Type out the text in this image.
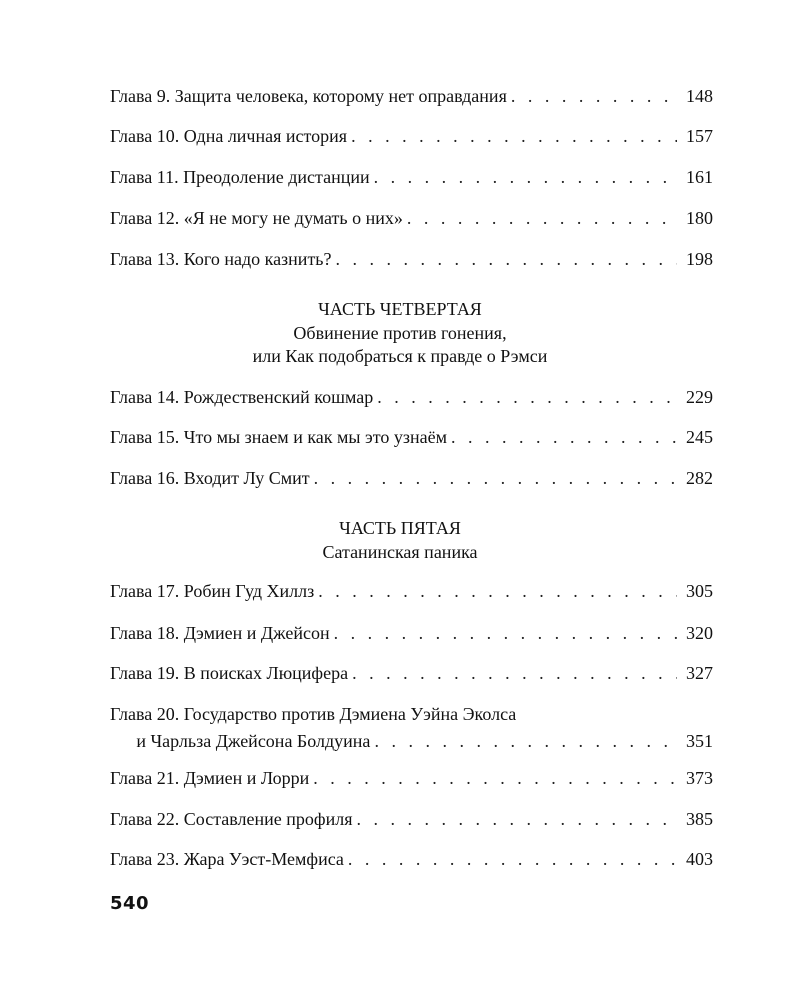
Глава 9. Защита человека, которому нет оправдания . . .	148
Глава 10. Одна личная история . . .	157
Глава 11. Преодоление дистанции . . .	161
Глава 12. «Я не могу не думать о них» . . .	180
Глава 13. Кого надо казнить? . . .	198
Глава 14. Рождественский кошмар . . .	229
Глава 15. Что мы знаем и как мы это узнаём . . .	245
Глава 16. Входит Лу Смит . . .	282
Глава 17. Робин Гуд Хиллз . . .	305
Глава 18. Дэмиен и Джейсон . . .	320
Глава 19. В поисках Люцифера . . .	327
Глава 20. Государство против Дэмиена Уэйна Эколса
и Чарльза Джейсона Болдуина . . .	351
Глава 21. Дэмиен и Лорри . . .	373
Глава 22. Составление профиля . . .	385
Глава 23. Жара Уэст-Мемфиса . . .	403
ЧАСТЬ ЧЕТВЕРТАЯ
Обвинение против гонения,
или Как подобраться к правде о Рэмси
ЧАСТЬ ПЯТАЯ
Сатанинская паника
540
